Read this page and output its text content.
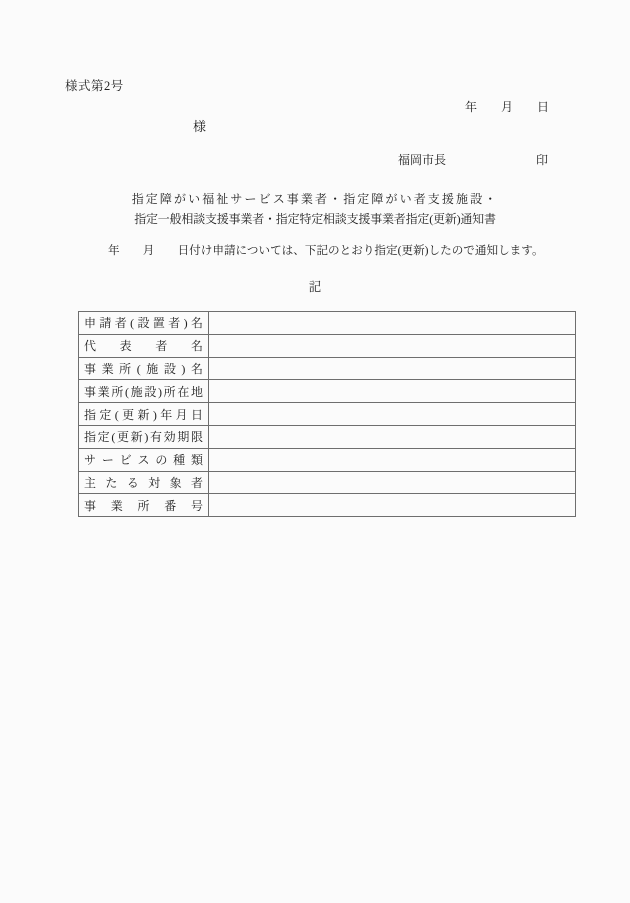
様式第2号
年　　月　　日
様
福岡市長	印
指定障がい福祉サービス事業者・指定障がい者支援施設・
指定一般相談支援事業者・指定特定相談支援事業者指定(更新)通知書
年　　月　　日付け申請については、下記のとおり指定(更新)したので通知します。
記
申請者(設置者)名	
代表者名	
事業所(施設)名	
事業所(施設)所在地	
指定(更新)年月日	
指定(更新)有効期限	
サービスの種類	
主たる対象者	
事業所番号	
